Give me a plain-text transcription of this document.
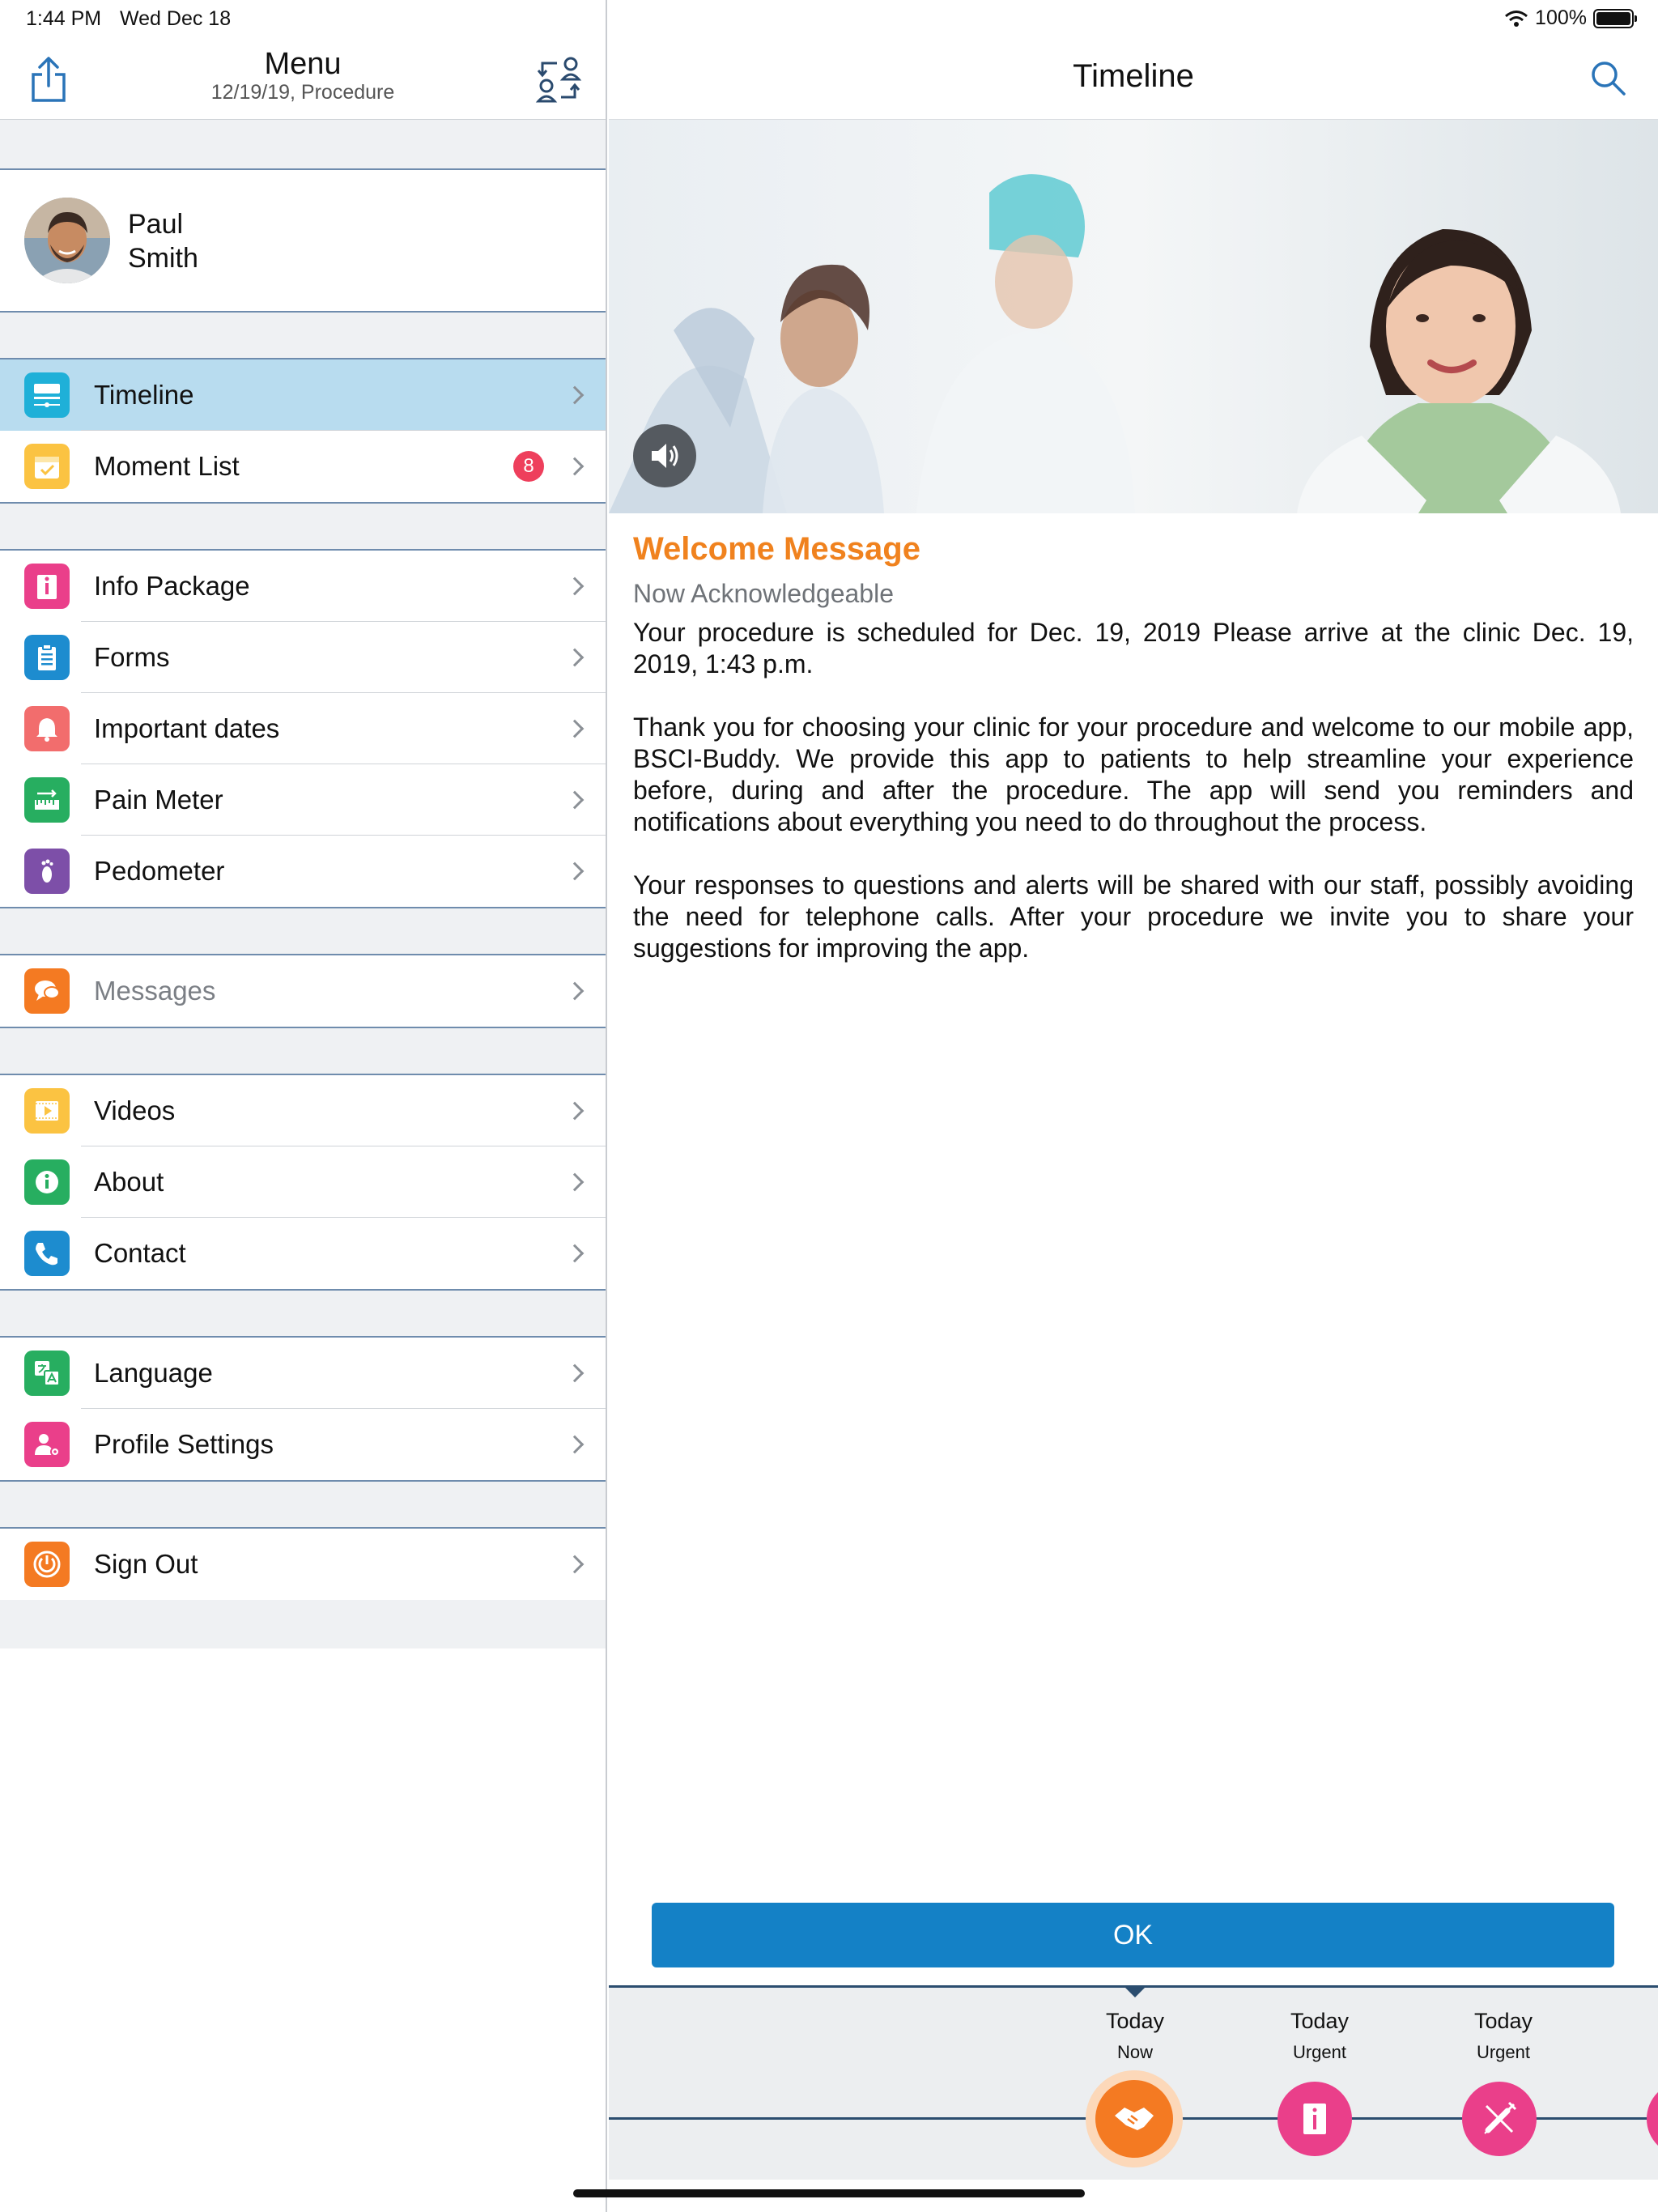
Menu
12/19/19, Procedure
Paul
Smith
Timeline
Moment List	8
Info Package
Forms
Important dates
Pain Meter
Pedometer
Messages
Videos
About
Contact
Language
Profile Settings
Sign Out
Timeline
Welcome Message
Now Acknowledgeable

Your procedure is scheduled for Dec. 19, 2019 Please arrive at the clinic Dec. 19, 2019, 1:43 p.m.

Thank you for choosing your clinic for your procedure and welcome to our mobile app, BSCI-Buddy. We provide this app to patients to help streamline your experience before, during and after the procedure. The app will send you reminders and notifications about everything you need to do throughout the process.

Your responses to questions and alerts will be shared with our staff, possibly avoiding the need for telephone calls. After your procedure we invite you to share your suggestions for improving the app.

OK
Today
Now
Today
Urgent
Today
Urgent
1:44 PM Wed Dec 18	100%
